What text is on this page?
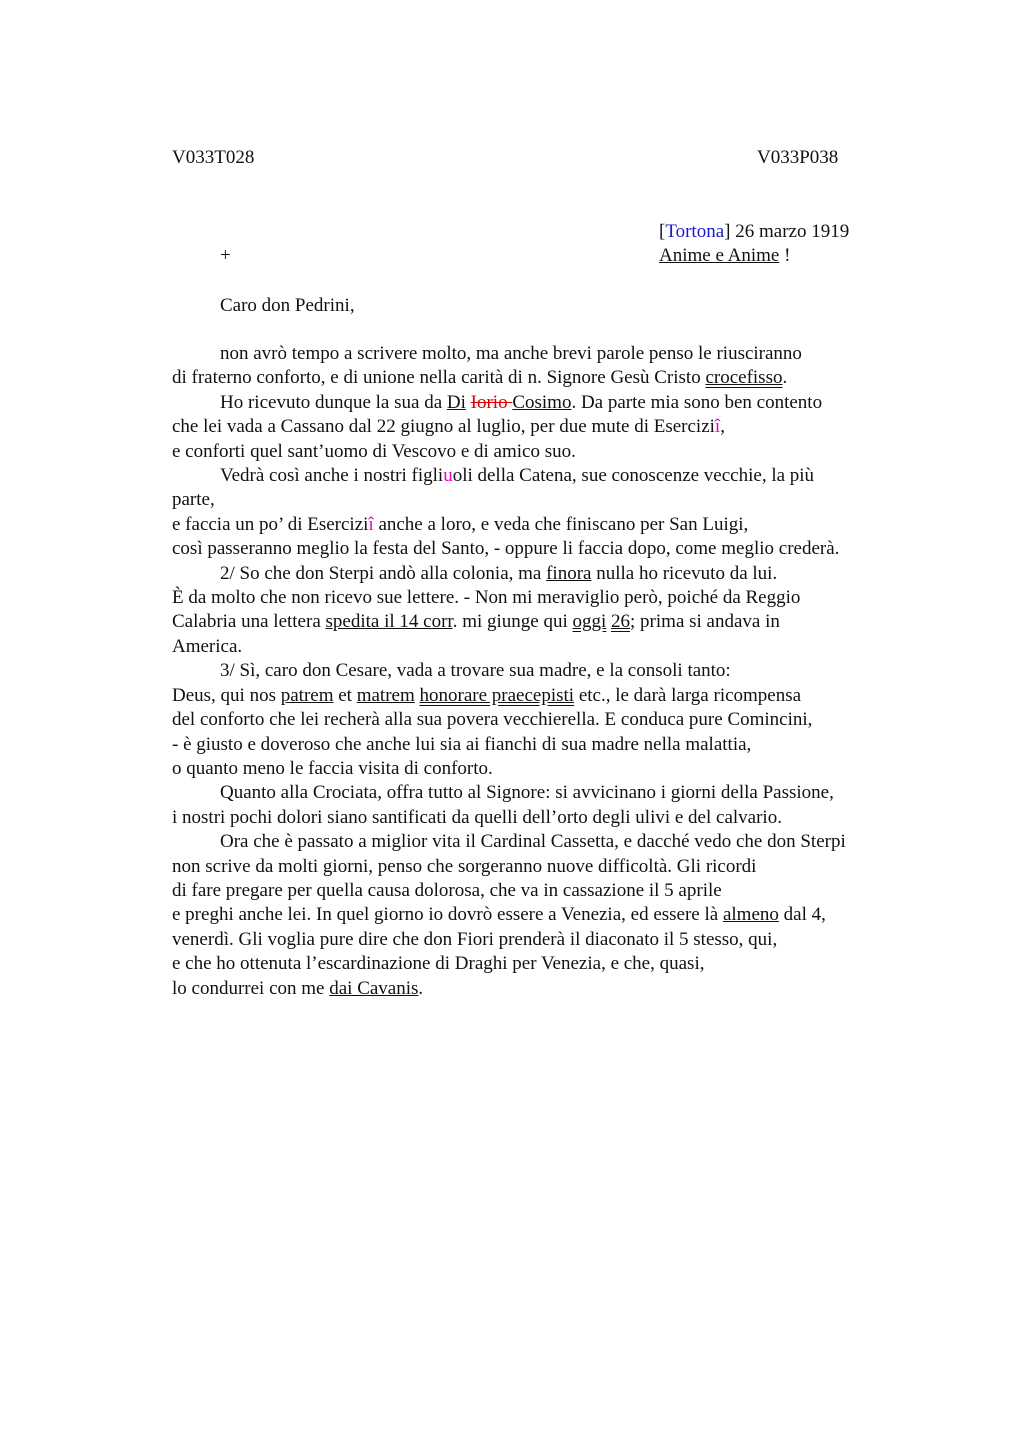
V033T028	V033P038
[Tortona] 26 marzo 1919
+	Anime e Anime !
Caro don Pedrini,
non avrò tempo a scrivere molto, ma anche brevi parole penso le riusciranno
di fraterno conforto, e di unione nella carità di n. Signore Gesù Cristo crocefisso.
Ho ricevuto dunque la sua da Di Iorio Cosimo. Da parte mia sono ben contento
che lei vada a Cassano dal 22 giugno al luglio, per due mute di Eserciziî,
e conforti quel sant’uomo di Vescovo e di amico suo.
Vedrà così anche i nostri figliuoli della Catena, sue conoscenze vecchie, la più
parte,
e faccia un po’ di Eserciziî anche a loro, e veda che finiscano per San Luigi,
così passeranno meglio la festa del Santo, - oppure li faccia dopo, come meglio crederà.
2/ So che don Sterpi andò alla colonia, ma finora nulla ho ricevuto da lui.
È da molto che non ricevo sue lettere. - Non mi meraviglio però, poiché da Reggio
Calabria una lettera spedita il 14 corr. mi giunge qui oggi 26; prima si andava in
America.
3/ Sì, caro don Cesare, vada a trovare sua madre, e la consoli tanto:
Deus, qui nos patrem et matrem honorare praecepisti etc., le darà larga ricompensa
del conforto che lei recherà alla sua povera vecchierella. E conduca pure Comincini,
- è giusto e doveroso che anche lui sia ai fianchi di sua madre nella malattia,
o quanto meno le faccia visita di conforto.
Quanto alla Crociata, offra tutto al Signore: si avvicinano i giorni della Passione,
i nostri pochi dolori siano santificati da quelli dell’orto degli ulivi e del calvario.
Ora che è passato a miglior vita il Cardinal Cassetta, e dacché vedo che don Sterpi
non scrive da molti giorni, penso che sorgeranno nuove difficoltà. Gli ricordi
di fare pregare per quella causa dolorosa, che va in cassazione il 5 aprile
e preghi anche lei. In quel giorno io dovrò essere a Venezia, ed essere là almeno dal 4,
venerdì. Gli voglia pure dire che don Fiori prenderà il diaconato il 5 stesso, qui,
e che ho ottenuta l’escardinazione di Draghi per Venezia, e che, quasi,
lo condurrei con me dai Cavanis.
